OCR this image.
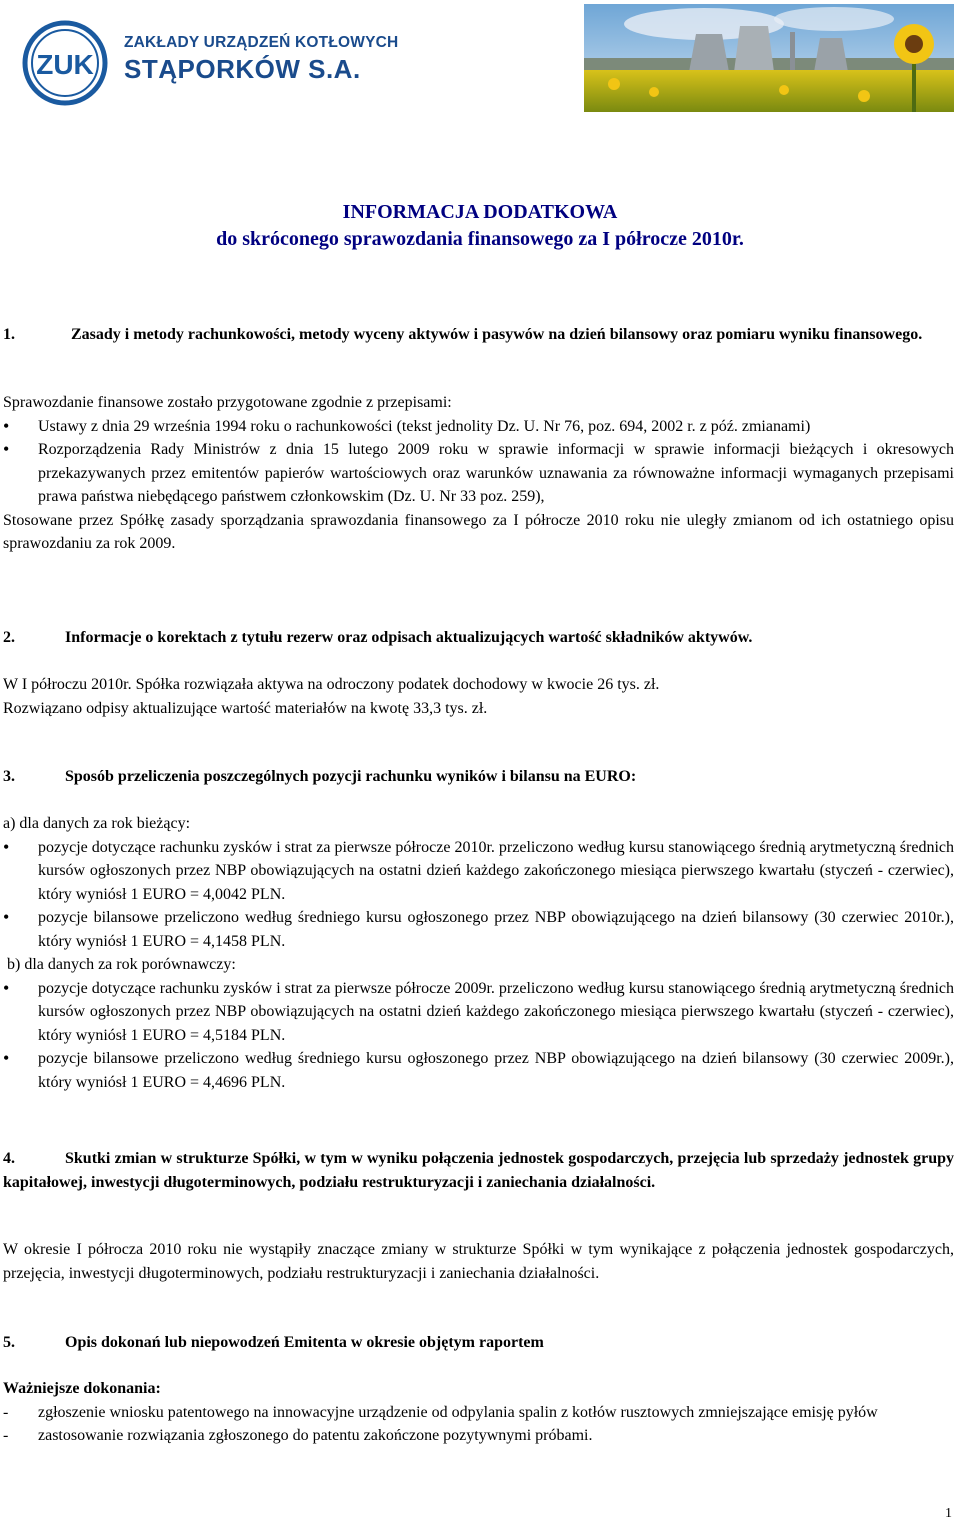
ZUK
ZAKŁADY URZĄDZEŃ KOTŁOWYCH
STĄPORKÓW S.A.
INFORMACJA DODATKOWA
do skróconego sprawozdania finansowego za I półrocze 2010r.
1.	Zasady i metody rachunkowości, metody wyceny aktywów i pasywów na dzień bilansowy oraz pomiaru wyniku finansowego.
Sprawozdanie finansowe zostało przygotowane zgodnie z przepisami:
• Ustawy z dnia 29 września 1994 roku o rachunkowości (tekst jednolity Dz. U. Nr 76, poz. 694, 2002 r. z póź. zmianami)
• Rozporządzenia Rady Ministrów z dnia 15 lutego 2009 roku w sprawie informacji w sprawie informacji bieżących i okresowych przekazywanych przez emitentów papierów wartościowych oraz warunków uznawania za równoważne informacji wymaganych przepisami prawa państwa niebędącego państwem członkowskim (Dz. U. Nr 33 poz. 259),
Stosowane przez Spółkę zasady sporządzania sprawozdania finansowego za I półrocze 2010 roku nie uległy zmianom od ich ostatniego opisu sprawozdaniu za rok 2009.
2.	Informacje o korektach z tytułu rezerw oraz odpisach aktualizujących wartość składników aktywów.
W I półroczu 2010r. Spółka rozwiązała aktywa na odroczony podatek dochodowy w kwocie 26 tys. zł.
Rozwiązano odpisy aktualizujące wartość materiałów na kwotę 33,3 tys. zł.
3.	Sposób przeliczenia poszczególnych pozycji rachunku wyników i bilansu na EURO:
a) dla danych za rok bieżący:
• pozycje dotyczące rachunku zysków i strat za pierwsze półrocze 2010r. przeliczono według kursu stanowiącego średnią arytmetyczną średnich kursów ogłoszonych przez NBP obowiązujących na ostatni dzień każdego zakończonego miesiąca pierwszego kwartału (styczeń - czerwiec), który wyniósł 1 EURO = 4,0042 PLN.
• pozycje bilansowe przeliczono według średniego kursu ogłoszonego przez NBP obowiązującego na dzień bilansowy (30 czerwiec 2010r.), który wyniósł 1 EURO = 4,1458 PLN.
b) dla danych za rok porównawczy:
• pozycje dotyczące rachunku zysków i strat za pierwsze półrocze 2009r. przeliczono według kursu stanowiącego średnią arytmetyczną średnich kursów ogłoszonych przez NBP obowiązujących na ostatni dzień każdego zakończonego miesiąca pierwszego kwartału (styczeń - czerwiec), który wyniósł 1 EURO = 4,5184 PLN.
• pozycje bilansowe przeliczono według średniego kursu ogłoszonego przez NBP obowiązującego na dzień bilansowy (30 czerwiec 2009r.), który wyniósł 1 EURO = 4,4696 PLN.
4.	Skutki zmian w strukturze Spółki, w tym w wyniku połączenia jednostek gospodarczych, przejęcia lub sprzedaży jednostek grupy kapitałowej, inwestycji długoterminowych, podziału restrukturyzacji i zaniechania działalności.
W okresie I półrocza 2010 roku nie wystąpiły znaczące zmiany w strukturze Spółki w tym wynikające z połączenia jednostek gospodarczych, przejęcia, inwestycji długoterminowych, podziału restrukturyzacji i zaniechania działalności.
5.	Opis dokonań lub niepowodzeń Emitenta w okresie objętym raportem
Ważniejsze dokonania:
- zgłoszenie wniosku patentowego na innowacyjne urządzenie od odpylania spalin z kotłów rusztowych zmniejszające emisję pyłów
- zastosowanie rozwiązania zgłoszonego do patentu zakończone pozytywnymi próbami.
1
